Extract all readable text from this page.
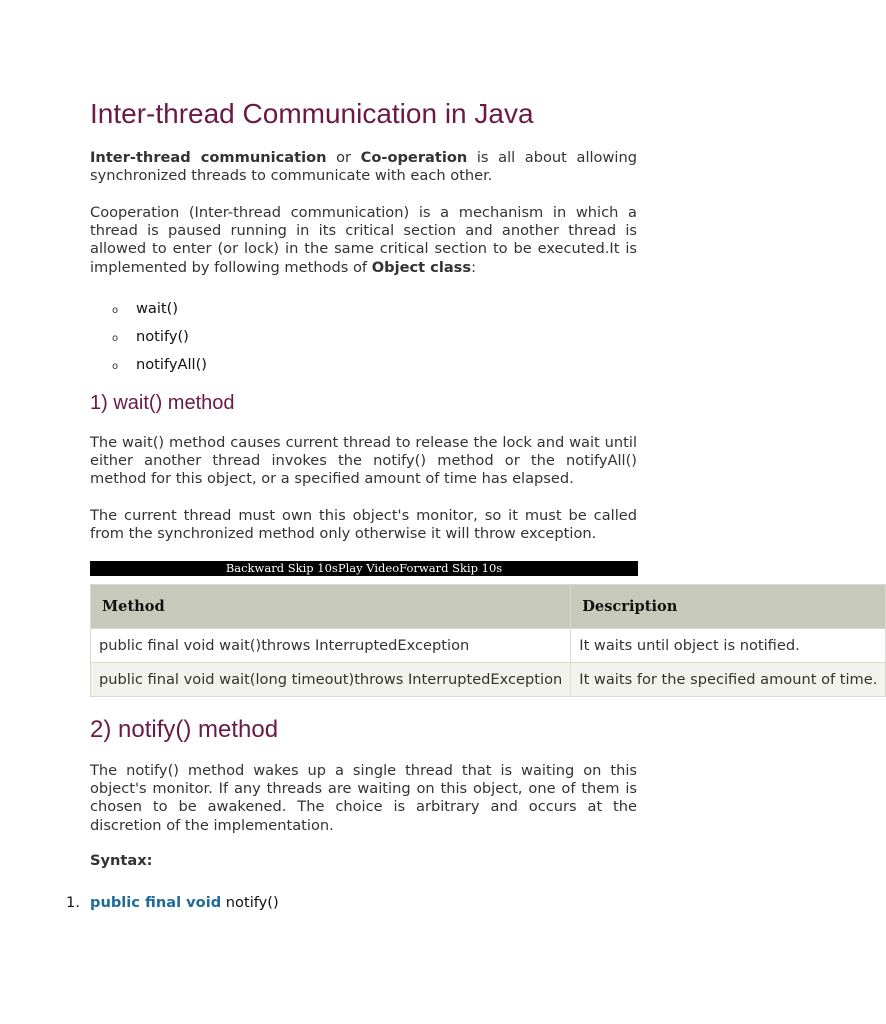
Inter-thread Communication in Java

Inter-thread communication or Co-operation is all about allowing synchronized threads to communicate with each other.

Cooperation (Inter-thread communication) is a mechanism in which a thread is paused running in its critical section and another thread is allowed to enter (or lock) in the same critical section to be executed.It is implemented by following methods of Object class:

o	wait()
o	notify()
o	notifyAll()
1) wait() method

The wait() method causes current thread to release the lock and wait until either another thread invokes the notify() method or the notifyAll() method for this object, or a specified amount of time has elapsed.

The current thread must own this object's monitor, so it must be called from the synchronized method only otherwise it will throw exception.

Backward Skip 10sPlay VideoForward Skip 10s
2) notify() method

The notify() method wakes up a single thread that is waiting on this object's monitor. If any threads are waiting on this object, one of them is chosen to be awakened. The choice is arbitrary and occurs at the discretion of the implementation.

Syntax:

1. public final void notify()
Method	Description
public final void wait()throws InterruptedException	It waits until object is notified.
public final void wait(long timeout)throws InterruptedException	It waits for the specified amount of time.
